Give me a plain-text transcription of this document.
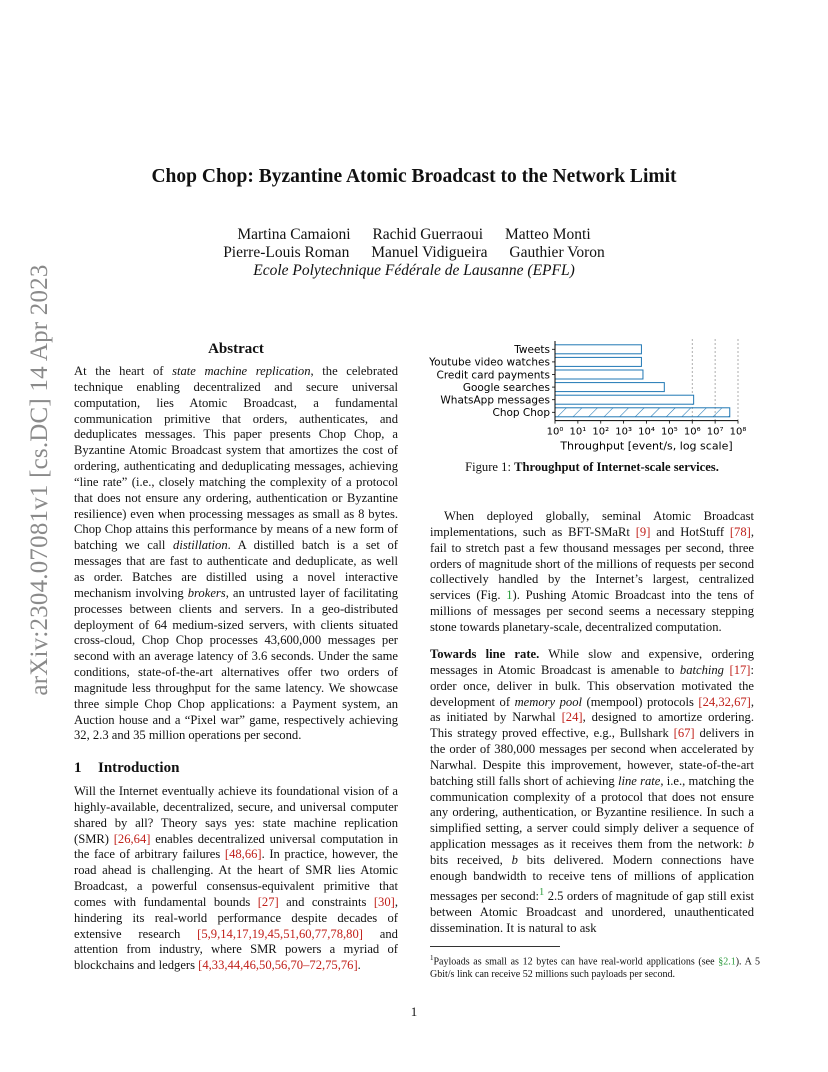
arXiv:2304.07081v1 [cs.DC] 14 Apr 2023
Chop Chop: Byzantine Atomic Broadcast to the Network Limit
Martina Camaioni Rachid Guerraoui Matteo Monti
Pierre-Louis Roman Manuel Vidigueira Gauthier Voron
Ecole Polytechnique Fédérale de Lausanne (EPFL)
Abstract

At the heart of state machine replication, the celebrated technique enabling decentralized and secure universal computation, lies Atomic Broadcast, a fundamental communication primitive that orders, authenticates, and deduplicates messages. This paper presents Chop Chop, a Byzantine Atomic Broadcast system that amortizes the cost of ordering, authenticating and deduplicating messages, achieving “line rate” (i.e., closely matching the complexity of a protocol that does not ensure any ordering, authentication or Byzantine resilience) even when processing messages as small as 8 bytes. Chop Chop attains this performance by means of a new form of batching we call distillation. A distilled batch is a set of messages that are fast to authenticate and deduplicate, as well as order. Batches are distilled using a novel interactive mechanism involving brokers, an untrusted layer of facilitating processes between clients and servers. In a geo-distributed deployment of 64 medium-sized servers, with clients situated cross-cloud, Chop Chop processes 43,600,000 messages per second with an average latency of 3.6 seconds. Under the same conditions, state-of-the-art alternatives offer two orders of magnitude less throughput for the same latency. We showcase three simple Chop Chop applications: a Payment system, an Auction house and a “Pixel war” game, respectively achieving 32, 2.3 and 35 million operations per second.

1 Introduction

Will the Internet eventually achieve its foundational vision of a highly-available, decentralized, secure, and universal computer shared by all? Theory says yes: state machine replication (SMR) [26,64] enables decentralized universal computation in the face of arbitrary failures [48,66]. In practice, however, the road ahead is challenging. At the heart of SMR lies Atomic Broadcast, a powerful consensus-equivalent primitive that comes with fundamental bounds [27] and constraints [30], hindering its real-world performance despite decades of extensive research [5,9,14,17,19,45,51,60,77,78,80] and attention from industry, where SMR powers a myriad of blockchains and ledgers [4,33,44,46,50,56,70–72,75,76].

Tweets
Youtube video watches
Credit card payments
Google searches
WhatsApp messages
Chop Chop
10⁰ 10¹ 10² 10³ 10⁴ 10⁵ 10⁶ 10⁷ 10⁸
Throughput [event/s, log scale]
Figure 1: Throughput of Internet-scale services.

When deployed globally, seminal Atomic Broadcast implementations, such as BFT-SMaRt [9] and HotStuff [78], fail to stretch past a few thousand messages per second, three orders of magnitude short of the millions of requests per second collectively handled by the Internet’s largest, centralized services (Fig. 1). Pushing Atomic Broadcast into the tens of millions of messages per second seems a necessary stepping stone towards planetary-scale, decentralized computation.

Towards line rate. While slow and expensive, ordering messages in Atomic Broadcast is amenable to batching [17]: order once, deliver in bulk. This observation motivated the development of memory pool (mempool) protocols [24,32,67], as initiated by Narwhal [24], designed to amortize ordering. This strategy proved effective, e.g., Bullshark [67] delivers in the order of 380,000 messages per second when accelerated by Narwhal. Despite this improvement, however, state-of-the-art batching still falls short of achieving line rate, i.e., matching the communication complexity of a protocol that does not ensure any ordering, authentication, or Byzantine resilience. In such a simplified setting, a server could simply deliver a sequence of application messages as it receives them from the network: b bits received, b bits delivered. Modern connections have enough bandwidth to receive tens of millions of application messages per second:$^1$ 2.5 orders of magnitude of gap still exist between Atomic Broadcast and unordered, unauthenticated dissemination. It is natural to ask

$^1$Payloads as small as 12 bytes can have real-world applications (see §2.1). A 5 Gbit/s link can receive 52 millions such payloads per second.
1
